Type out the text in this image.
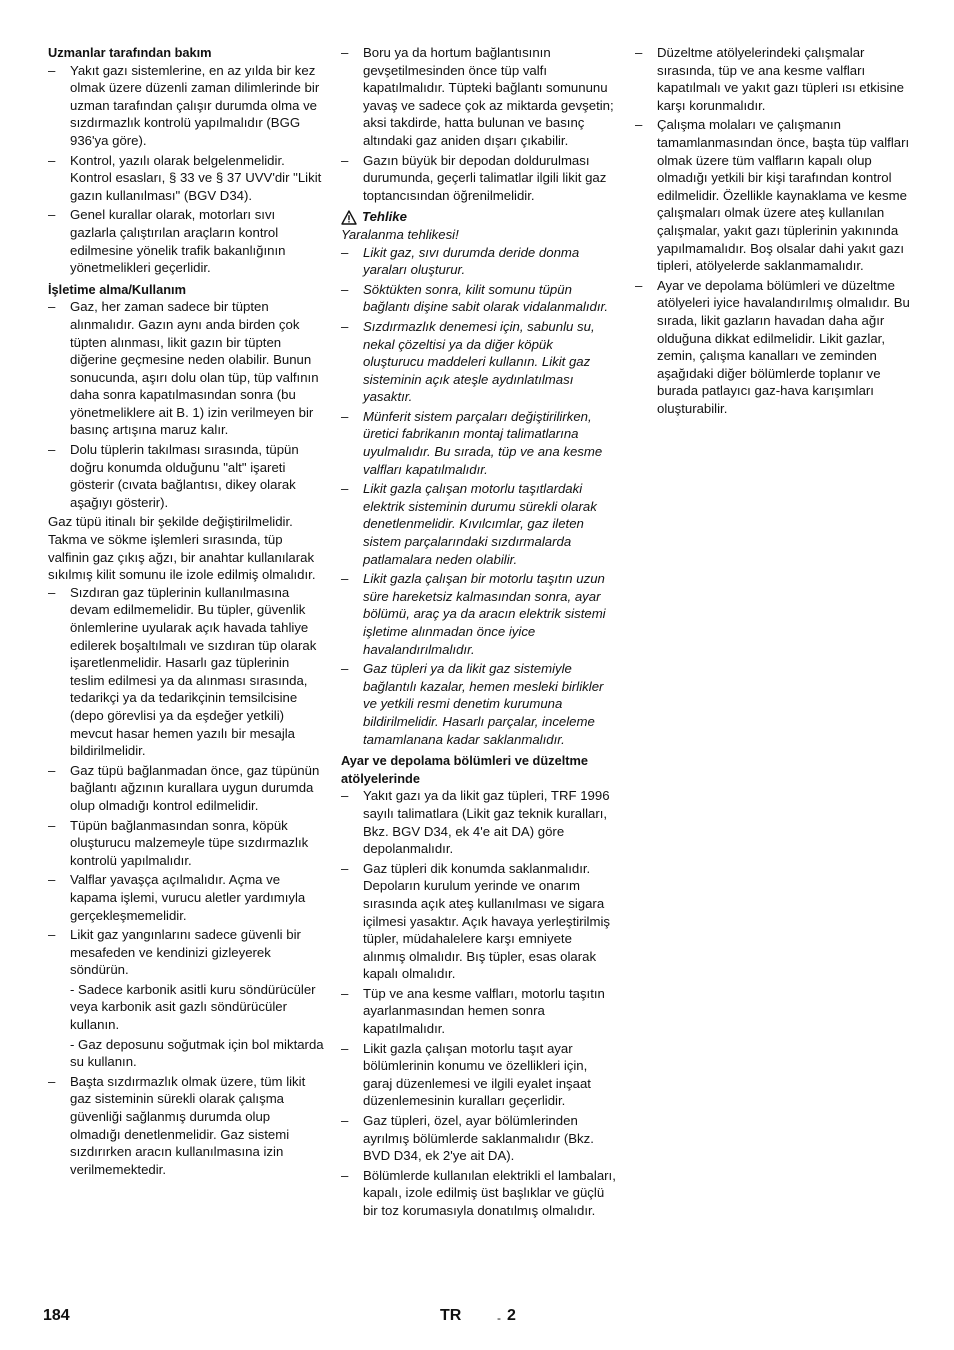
Uzmanlar tarafından bakım
– Yakıt gazı sistemlerine, en az yılda bir kez olmak üzere düzenli zaman dilimlerinde bir uzman tarafından çalışır durumda olma ve sızdırmazlık kontrolü yapılmalıdır (BGG 936'ya göre).
– Kontrol, yazılı olarak belgelenmelidir. Kontrol esasları, § 33 ve § 37 UVV'dir "Likit gazın kullanılması" (BGV D34).
– Genel kurallar olarak, motorları sıvı gazlarla çalıştırılan araçların kontrol edilmesine yönelik trafik bakanlığının yönetmelikleri geçerlidir.
İşletime alma/Kullanım
– Gaz, her zaman sadece bir tüpten alınmalıdır. Gazın aynı anda birden çok tüpten alınması, likit gazın bir tüpten diğerine geçmesine neden olabilir. Bunun sonucunda, aşırı dolu olan tüp, tüp valfının daha sonra kapatılmasından sonra (bu yönetmeliklere ait B. 1) izin verilmeyen bir basınç artışına maruz kalır.
– Dolu tüplerin takılması sırasında, tüpün doğru konumda olduğunu "alt" işareti gösterir (cıvata bağlantısı, dikey olarak aşağıyı gösterir).
Gaz tüpü itinalı bir şekilde değiştirilmelidir. Takma ve sökme işlemleri sırasında, tüp valfinin gaz çıkış ağzı, bir anahtar kullanılarak sıkılmış kilit somunu ile izole edilmiş olmalıdır.
– Sızdıran gaz tüplerinin kullanılmasına devam edilmemelidir. Bu tüpler, güvenlik önlemlerine uyularak açık havada tahliye edilerek boşaltılmalı ve sızdıran tüp olarak işaretlenmelidir. Hasarlı gaz tüplerinin teslim edilmesi ya da alınması sırasında, tedarikçi ya da tedarikçinin temsilcisine (depo görevlisi ya da eşdeğer yetkili) mevcut hasar hemen yazılı bir mesajla bildirilmelidir.
– Gaz tüpü bağlanmadan önce, gaz tüpünün bağlantı ağzının kurallara uygun durumda olup olmadığı kontrol edilmelidir.
– Tüpün bağlanmasından sonra, köpük oluşturucu malzemeyle tüpe sızdırmazlık kontrolü yapılmalıdır.
– Valflar yavaşça açılmalıdır. Açma ve kapama işlemi, vurucu aletler yardımıyla gerçekleşmemelidir.
– Likit gaz yangınlarını sadece güvenli bir mesafeden ve kendinizi gizleyerek söndürün.
- Sadece karbonik asitli kuru söndürücüler veya karbonik asit gazlı söndürücüler kullanın.
- Gaz deposunu soğutmak için bol miktarda su kullanın.
– Başta sızdırmazlık olmak üzere, tüm likit gaz sisteminin sürekli olarak çalışma güvenliği sağlanmış durumda olup olmadığı denetlenmelidir. Gaz sistemi sızdırırken aracın kullanılmasına izin verilmemektedir.
– Boru ya da hortum bağlantısının gevşetilmesinden önce tüp valfı kapatılmalıdır. Tüpteki bağlantı somununu yavaş ve sadece çok az miktarda gevşetin; aksi takdirde, hatta bulunan ve basınç altındaki gaz aniden dışarı çıkabilir.
– Gazın büyük bir depodan doldurulması durumunda, geçerli talimatlar ilgili likit gaz toptancısından öğrenilmelidir.
Tehlike
Yaralanma tehlikesi!
– Likit gaz, sıvı durumda deride donma yaraları oluşturur.
– Söktükten sonra, kilit somunu tüpün bağlantı dişine sabit olarak vidalanmalıdır.
– Sızdırmazlık denemesi için, sabunlu su, nekal çözeltisi ya da diğer köpük oluşturucu maddeleri kullanın. Likit gaz sisteminin açık ateşle aydınlatılması yasaktır.
– Münferit sistem parçaları değiştirilirken, üretici fabrikanın montaj talimatlarına uyulmalıdır. Bu sırada, tüp ve ana kesme valfları kapatılmalıdır.
– Likit gazla çalışan motorlu taşıtlardaki elektrik sisteminin durumu sürekli olarak denetlenmelidir. Kıvılcımlar, gaz ileten sistem parçalarındaki sızdırmalarda patlamalara neden olabilir.
– Likit gazla çalışan bir motorlu taşıtın uzun süre hareketsiz kalmasından sonra, ayar bölümü, araç ya da aracın elektrik sistemi işletime alınmadan önce iyice havalandırılmalıdır.
– Gaz tüpleri ya da likit gaz sistemiyle bağlantılı kazalar, hemen mesleki birlikler ve yetkili resmi denetim kurumuna bildirilmelidir. Hasarlı parçalar, inceleme tamamlanana kadar saklanmalıdır.
Ayar ve depolama bölümleri ve düzeltme atölyelerinde
– Yakıt gazı ya da likit gaz tüpleri, TRF 1996 sayılı talimatlara (Likit gaz teknik kuralları, Bkz. BGV D34, ek 4'e ait DA) göre depolanmalıdır.
– Gaz tüpleri dik konumda saklanmalıdır. Depoların kurulum yerinde ve onarım sırasında açık ateş kullanılması ve sigara içilmesi yasaktır. Açık havaya yerleştirilmiş tüpler, müdahalelere karşı emniyete alınmış olmalıdır. Bış tüpler, esas olarak kapalı olmalıdır.
– Tüp ve ana kesme valfları, motorlu taşıtın ayarlanmasından hemen sonra kapatılmalıdır.
– Likit gazla çalışan motorlu taşıt ayar bölümlerinin konumu ve özellikleri için, garaj düzenlemesi ve ilgili eyalet inşaat düzenlemesinin kuralları geçerlidir.
– Gaz tüpleri, özel, ayar bölümlerinden ayrılmış bölümlerde saklanmalıdır (Bkz. BVD D34, ek 2'ye ait DA).
– Bölümlerde kullanılan elektrikli el lambaları, kapalı, izole edilmiş üst başlıklar ve güçlü bir toz korumasıyla donatılmış olmalıdır.
– Düzeltme atölyelerindeki çalışmalar sırasında, tüp ve ana kesme valfları kapatılmalı ve yakıt gazı tüpleri ısı etkisine karşı korunmalıdır.
– Çalışma molaları ve çalışmanın tamamlanmasından önce, başta tüp valfları olmak üzere tüm valfların kapalı olup olmadığı yetkili bir kişi tarafından kontrol edilmelidir. Özellikle kaynaklama ve kesme çalışmaları olmak üzere ateş kullanılan çalışmalar, yakıt gazı tüplerinin yakınında yapılmamalıdır. Boş olsalar dahi yakıt gazı tipleri, atölyelerde saklanmamalıdır.
– Ayar ve depolama bölümleri ve düzeltme atölyeleri iyice havalandırılmış olmalıdır. Bu sırada, likit gazların havadan daha ağır olduğuna dikkat edilmelidir. Likit gazlar, zemin, çalışma kanalları ve zeminden aşağıdaki diğer bölümlerde toplanır ve burada patlayıcı gaz-hava karışımları oluşturabilir.
184	TR	- 2
